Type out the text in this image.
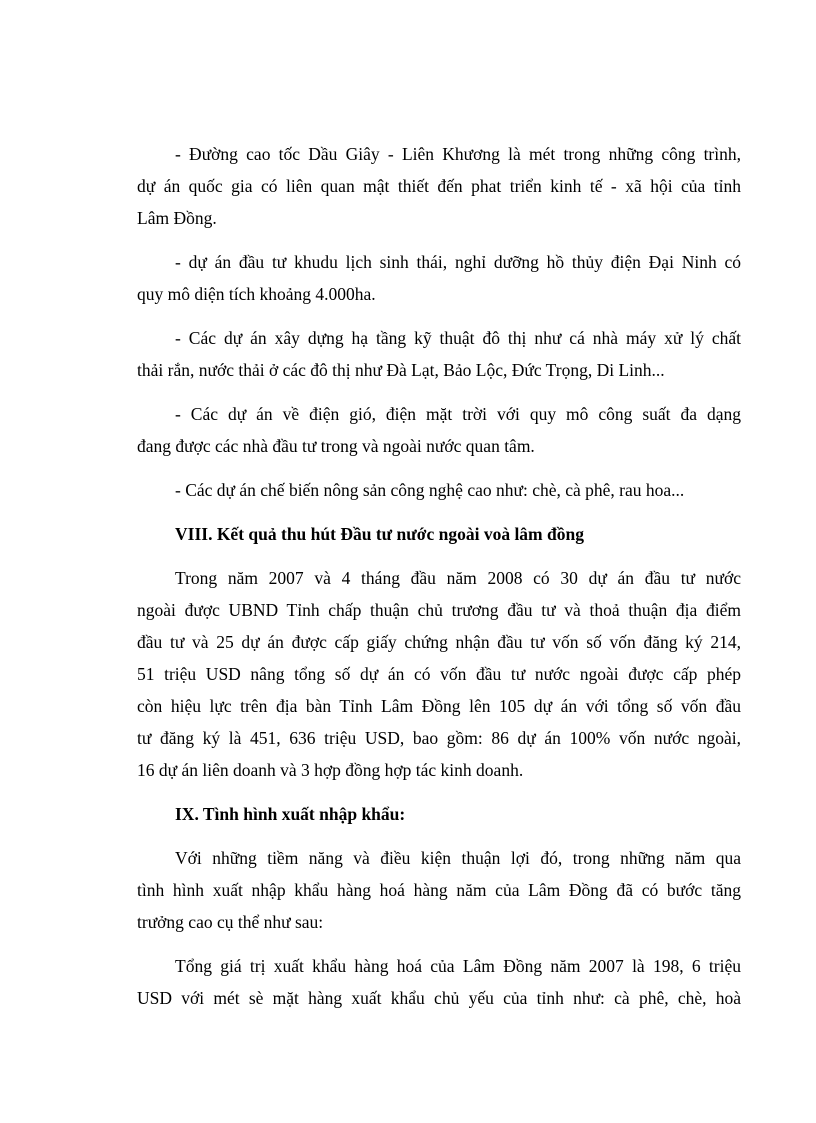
- Đường cao tốc Dầu Giây - Liên Khương là mét trong những công trình,
dự án quốc gia có liên quan mật thiết đến phat triển kinh tế - xã hội của tỉnh
Lâm Đồng.
- dự án đầu tư khudu lịch sinh thái, nghỉ dưỡng hồ thủy điện Đại Ninh có
quy mô diện tích khoảng 4.000ha.
- Các dự án xây dựng hạ tầng kỹ thuật đô thị như cá nhà máy xử lý chất
thải rắn, nước thải ở các đô thị như Đà Lạt, Bảo Lộc, Đức Trọng, Di Linh...
- Các dự án về điện gió, điện mặt trời với quy mô công suất đa dạng
đang được các nhà đầu tư trong và ngoài nước quan tâm.
- Các dự án chế biến nông sản công nghệ cao như: chè, cà phê, rau hoa...
VIII. Kết quả thu hút Đầu tư nước ngoài voà lâm đồng
Trong năm 2007 và 4 tháng đầu năm 2008 có 30 dự án đầu tư nước
ngoài được UBND Tỉnh chấp thuận chủ trương đầu tư và thoả thuận địa điểm
đầu tư và 25 dự án được cấp giấy chứng nhận đầu tư vốn số vốn đăng ký 214,
51 triệu USD nâng tổng số dự án có vốn đầu tư nước ngoài được cấp phép
còn hiệu lực trên địa bàn Tỉnh Lâm Đồng lên 105 dự án với tổng số vốn đầu
tư đăng ký là 451, 636 triệu USD, bao gồm: 86 dự án 100% vốn nước ngoài,
16 dự án liên doanh và 3 hợp đồng hợp tác kinh doanh.
IX. Tình hình xuất nhập khẩu:
Với những tiềm năng và điều kiện thuận lợi đó, trong những năm qua
tình hình xuất nhập khẩu hàng hoá hàng năm của Lâm Đồng đã có bước tăng
trưởng cao cụ thể như sau:
Tổng giá trị xuất khẩu hàng hoá của Lâm Đồng năm 2007 là 198, 6 triệu
USD với mét sè mặt hàng xuất khẩu chủ yếu của tỉnh như: cà phê, chè, hoà
